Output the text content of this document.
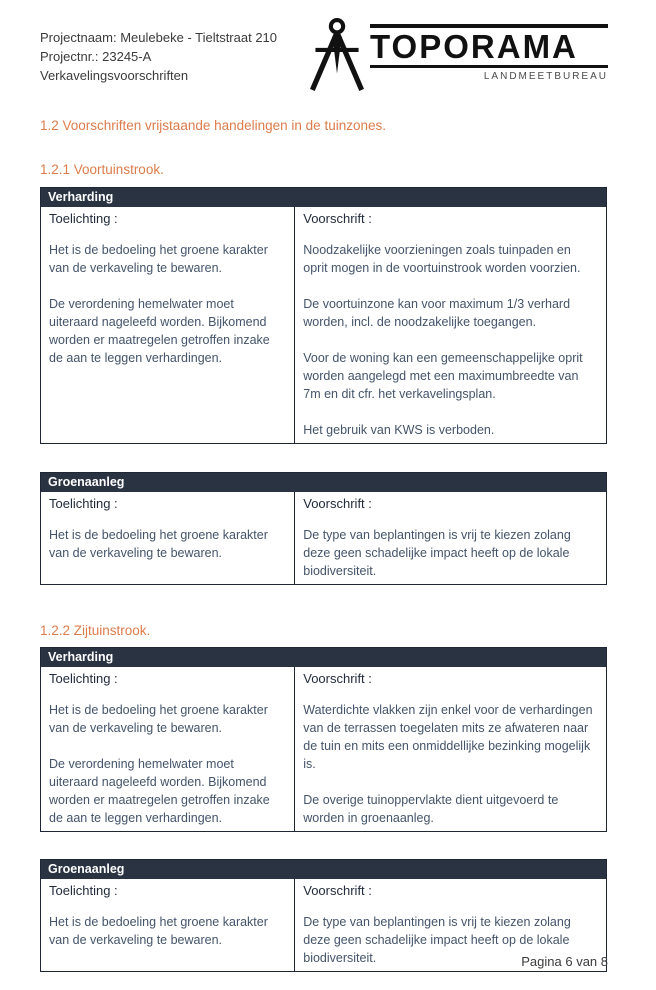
Projectnaam: Meulebeke - Tieltstraat 210
Projectnr.: 23245-A
Verkavelingsvoorschriften
TOPORAMA
LANDMEETBUREAU
1.2 Voorschriften vrijstaande handelingen in de tuinzones.
1.2.1 Voortuinstrook.
Verharding

Toelichting :

Het is de bedoeling het groene karakter van de verkaveling te bewaren.

De verordening hemelwater moet uiteraard nageleefd worden. Bijkomend worden er maatregelen getroffen inzake de aan te leggen verhardingen.

Voorschrift :

Noodzakelijke voorzieningen zoals tuinpaden en oprit mogen in de voortuinstrook worden voorzien.

De voortuinzone kan voor maximum 1/3 verhard worden, incl. de noodzakelijke toegangen.

Voor de woning kan een gemeenschappelijke oprit worden aangelegd met een maximumbreedte van 7m en dit cfr. het verkavelingsplan.

Het gebruik van KWS is verboden.

Groenaanleg

Toelichting :

Het is de bedoeling het groene karakter van de verkaveling te bewaren.

Voorschrift :

De type van beplantingen is vrij te kiezen zolang deze geen schadelijke impact heeft op de lokale biodiversiteit.

1.2.2 Zijtuinstrook.
Verharding

Toelichting :

Het is de bedoeling het groene karakter van de verkaveling te bewaren.

De verordening hemelwater moet uiteraard nageleefd worden. Bijkomend worden er maatregelen getroffen inzake de aan te leggen verhardingen.

Voorschrift :

Waterdichte vlakken zijn enkel voor de verhardingen van de terrassen toegelaten mits ze afwateren naar de tuin en mits een onmiddellijke bezinking mogelijk is.

De overige tuinoppervlakte dient uitgevoerd te worden in groenaanleg.

Groenaanleg

Toelichting :

Het is de bedoeling het groene karakter van de verkaveling te bewaren.

Voorschrift :

De type van beplantingen is vrij te kiezen zolang deze geen schadelijke impact heeft op de lokale biodiversiteit.	Pagina 6 van 8
